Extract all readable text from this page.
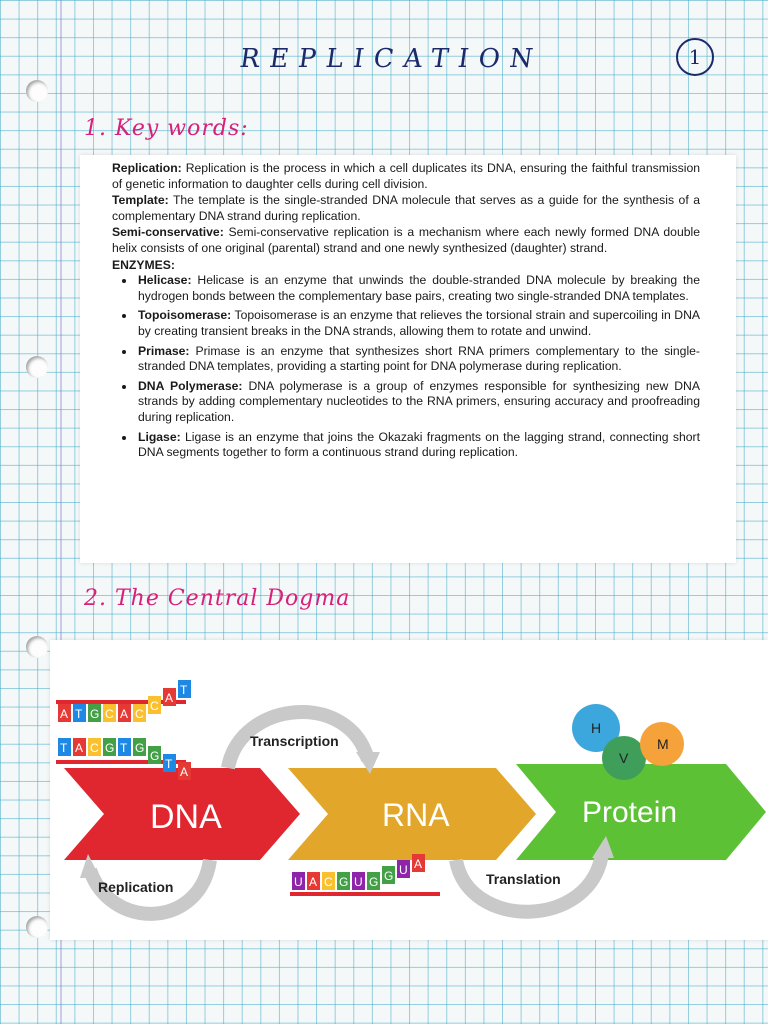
REPLICATION	1
1. Key words:

Replication: Replication is the process in which a cell duplicates its DNA, ensuring the faithful transmission of genetic information to daughter cells during cell division.

Template: The template is the single-stranded DNA molecule that serves as a guide for the synthesis of a complementary DNA strand during replication.

Semi-conservative: Semi-conservative replication is a mechanism where each newly formed DNA double helix consists of one original (parental) strand and one newly synthesized (daughter) strand.

ENZYMES:

• Helicase: Helicase is an enzyme that unwinds the double-stranded DNA molecule by breaking the hydrogen bonds between the complementary base pairs, creating two single-stranded DNA templates.
• Topoisomerase: Topoisomerase is an enzyme that relieves the torsional strain and supercoiling in DNA by creating transient breaks in the DNA strands, allowing them to rotate and unwind.
• Primase: Primase is an enzyme that synthesizes short RNA primers complementary to the single-stranded DNA templates, providing a starting point for DNA polymerase during replication.
• DNA Polymerase: DNA polymerase is a group of enzymes responsible for synthesizing new DNA strands by adding complementary nucleotides to the RNA primers, ensuring accuracy and proofreading during replication.
• Ligase: Ligase is an enzyme that joins the Okazaki fragments on the lagging strand, connecting short DNA segments together to form a continuous strand during replication.
2. The Central Dogma
DNA	RNA	Protein
Transcription
Replication	Translation
A T G C A C
C
A
T
T A C G T G
G
T
A
U A C G U G G U A
H
V
M
